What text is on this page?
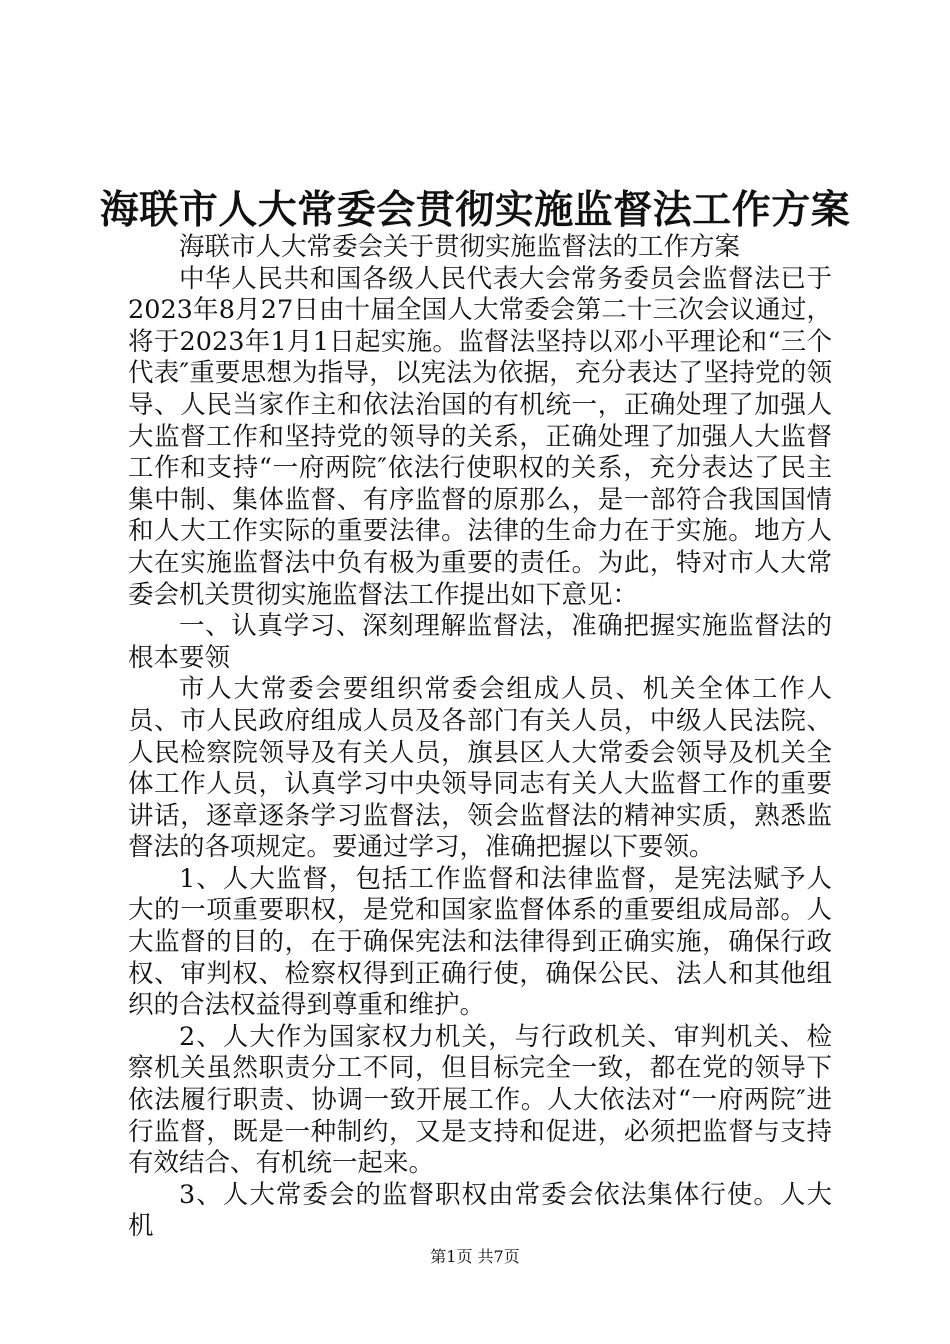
海联市人大常委会贯彻实施监督法工作方案

海联市人大常委会关于贯彻实施监督法的工作方案

中华人民共和国各级人民代表大会常务委员会监督法已于2023年8月27日由十届全国人大常委会第二十三次会议通过，将于2023年1月1日起实施。监督法坚持以邓小平理论和“三个代表″重要思想为指导，以宪法为依据，充分表达了坚持党的领导、人民当家作主和依法治国的有机统一，正确处理了加强人大监督工作和坚持党的领导的关系，正确处理了加强人大监督工作和支持“一府两院″依法行使职权的关系，充分表达了民主集中制、集体监督、有序监督的原那么，是一部符合我国国情和人大工作实际的重要法律。法律的生命力在于实施。地方人大在实施监督法中负有极为重要的责任。为此，特对市人大常委会机关贯彻实施监督法工作提出如下意见：

一、认真学习、深刻理解监督法，准确把握实施监督法的根本要领

市人大常委会要组织常委会组成人员、机关全体工作人员、市人民政府组成人员及各部门有关人员，中级人民法院、人民检察院领导及有关人员，旗县区人大常委会领导及机关全体工作人员，认真学习中央领导同志有关人大监督工作的重要讲话，逐章逐条学习监督法，领会监督法的精神实质，熟悉监督法的各项规定。要通过学习，准确把握以下要领。

1、人大监督，包括工作监督和法律监督，是宪法赋予人大的一项重要职权，是党和国家监督体系的重要组成局部。人大监督的目的，在于确保宪法和法律得到正确实施，确保行政权、审判权、检察权得到正确行使，确保公民、法人和其他组织的合法权益得到尊重和维护。

2、人大作为国家权力机关，与行政机关、审判机关、检察机关虽然职责分工不同，但目标完全一致，都在党的领导下依法履行职责、协调一致开展工作。人大依法对“一府两院″进行监督，既是一种制约，又是支持和促进，必须把监督与支持有效结合、有机统一起来。

3、人大常委会的监督职权由常委会依法集体行使。人大机

第1页 共7页
